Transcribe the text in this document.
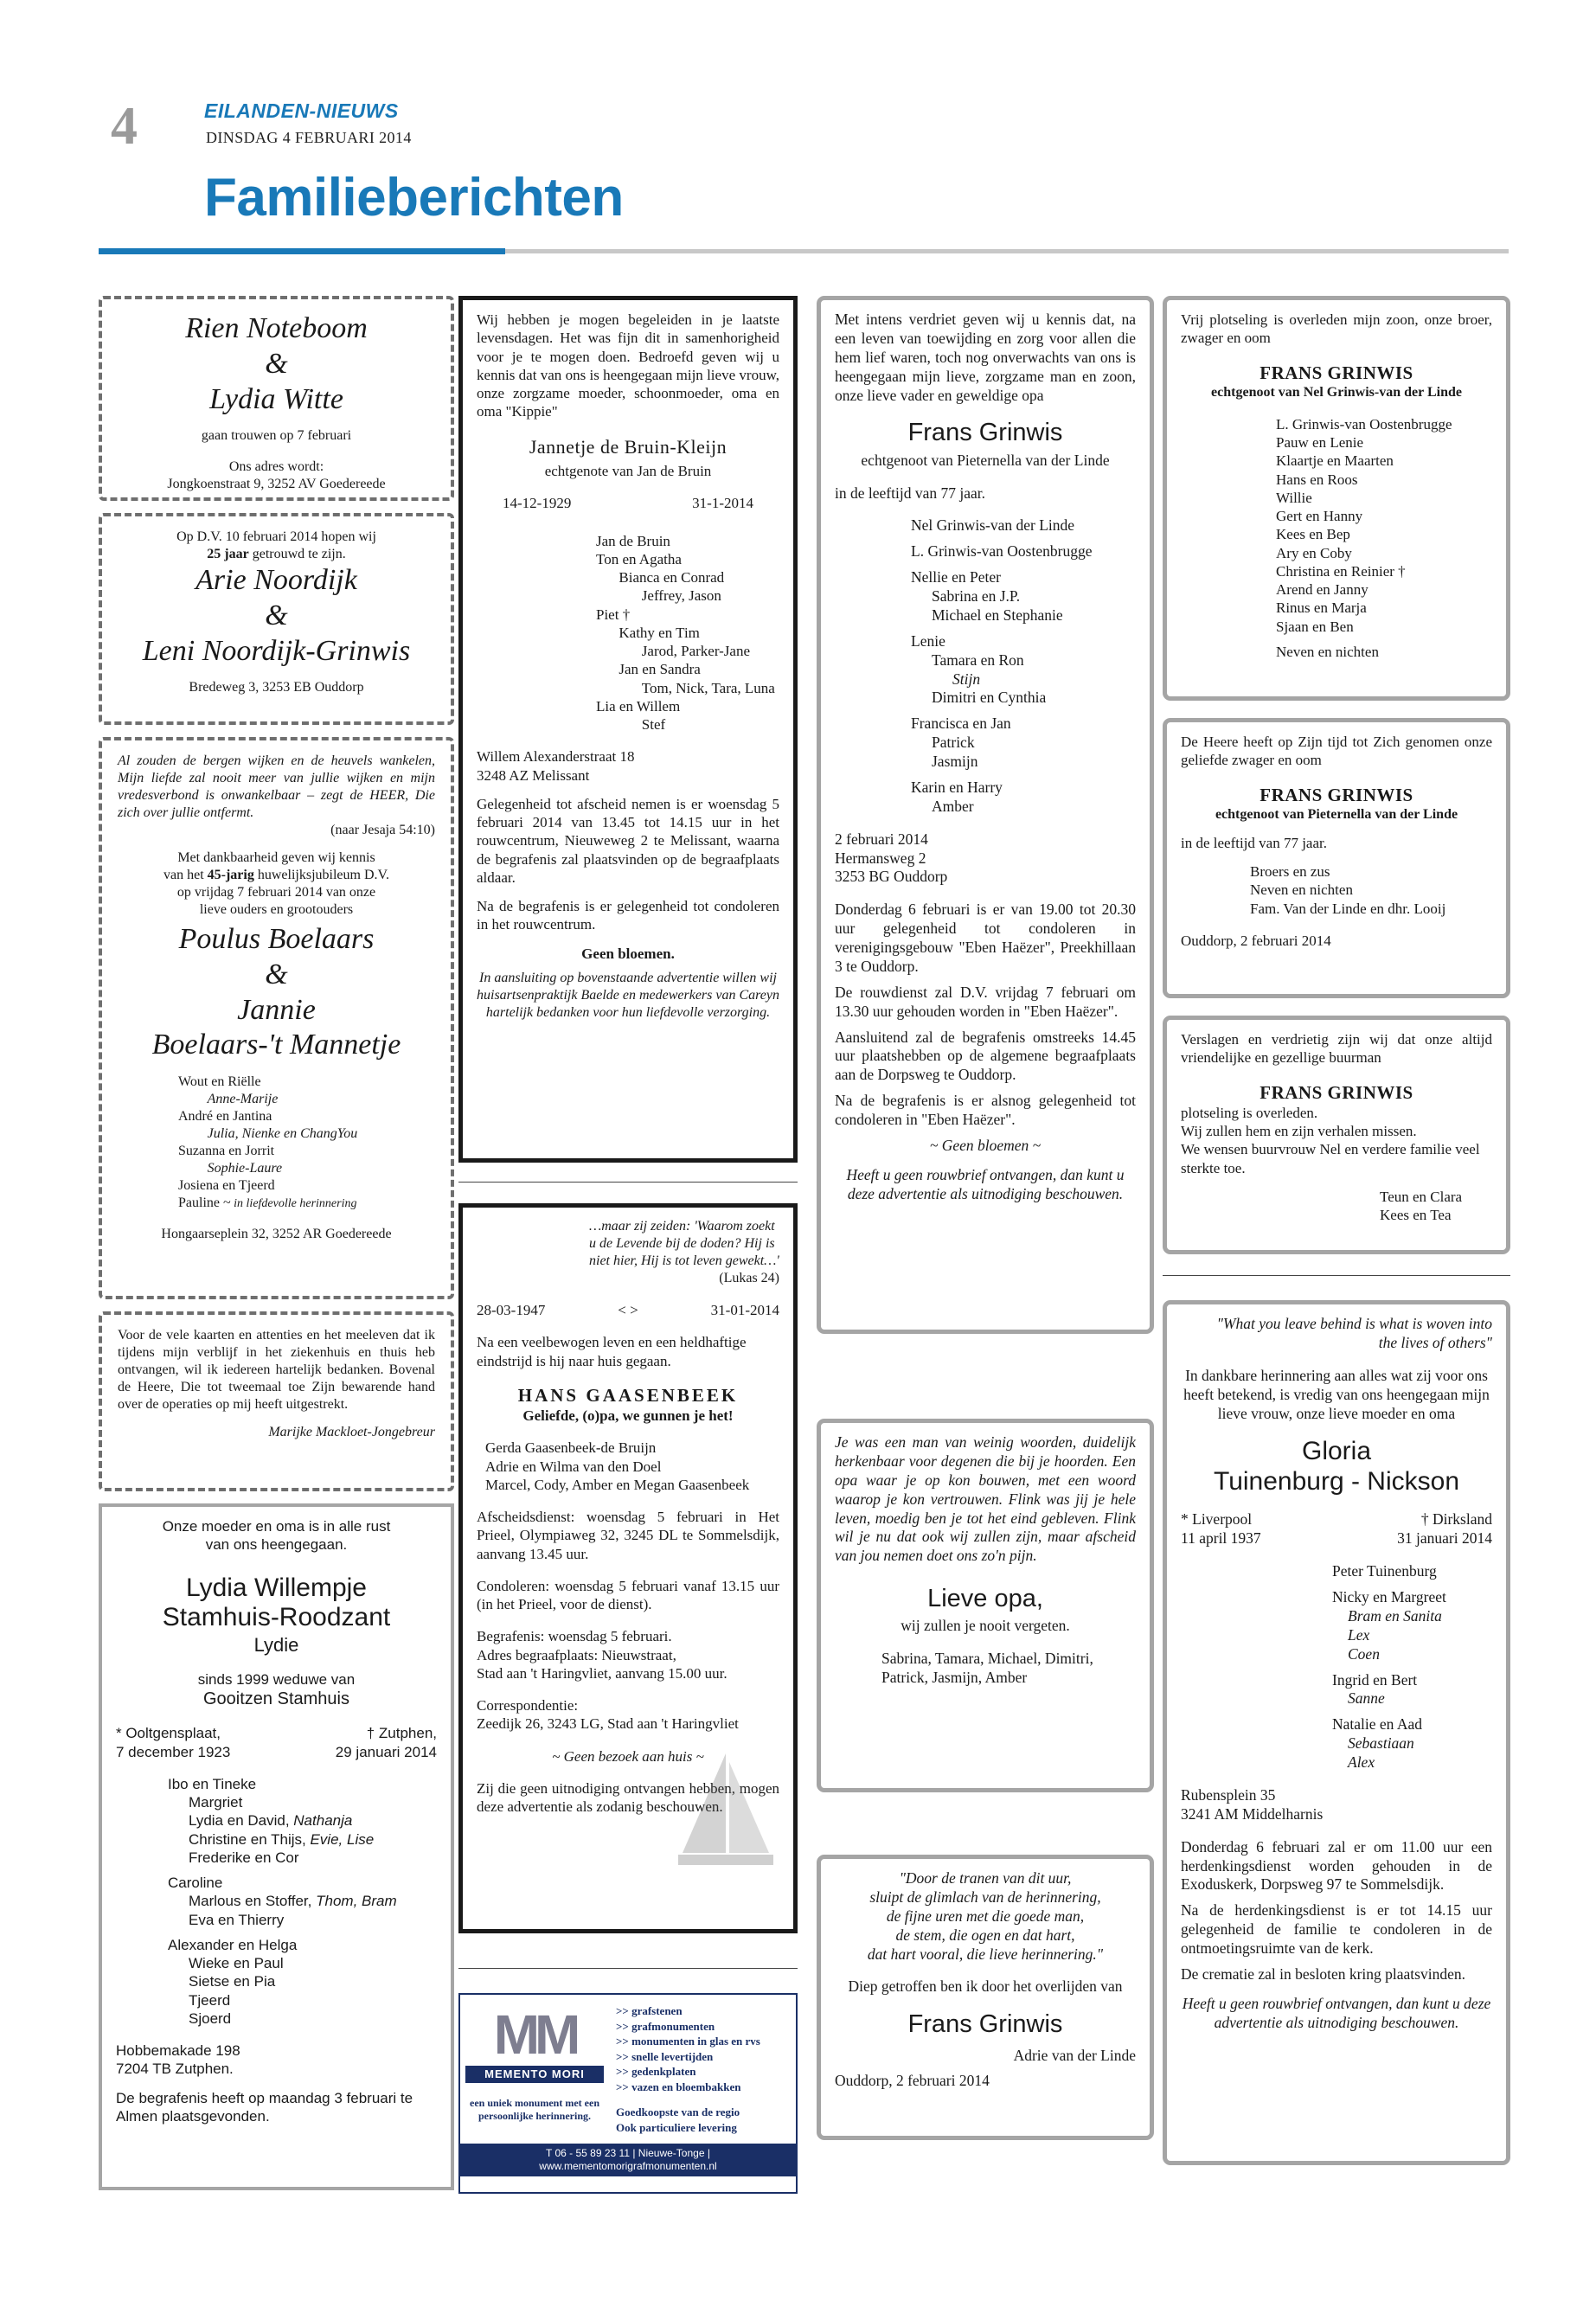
4	EILANDEN-NIEUWS
DINSDAG 4 FEBRUARI 2014
Familieberichten
Rien Noteboom
&
Lydia Witte
gaan trouwen op 7 februari
Ons adres wordt:
Jongkoenstraat 9, 3252 AV Goedereede
Op D.V. 10 februari 2014 hopen wij
25 jaar getrouwd te zijn.
Arie Noordijk
&
Leni Noordijk-Grinwis
Bredeweg 3, 3253 EB Ouddorp
Al zouden de bergen wijken en de heuvels wankelen, Mijn liefde zal nooit meer van jullie wijken en mijn vredesverbond is onwankelbaar – zegt de HEER, Die zich over jullie ontfermt.
(naar Jesaja 54:10)
Met dankbaarheid geven wij kennis
van het 45-jarig huwelijksjubileum D.V.
op vrijdag 7 februari 2014 van onze
lieve ouders en grootouders
Poulus Boelaars
&
Jannie
Boelaars-'t Mannetje
Wout en Riëlle
Anne-Marije
André en Jantina
Julia, Nienke en ChangYou
Suzanna en Jorrit
Sophie-Laure
Josiena en Tjeerd
Pauline ~ in liefdevolle herinnering
Hongaarseplein 32, 3252 AR Goedereede
Voor de vele kaarten en attenties en het meeleven dat ik tijdens mijn verblijf in het ziekenhuis en thuis heb ontvangen, wil ik iedereen hartelijk bedanken. Bovenal de Heere, Die tot tweemaal toe Zijn bewarende hand over de operaties op mij heeft uitgestrekt.
Marijke Mackloet-Jongebreur
Onze moeder en oma is in alle rust
van ons heengegaan.
Lydia Willempje
Stamhuis-Roodzant
Lydie
sinds 1999 weduwe van
Gooitzen Stamhuis
* Ooltgensplaat,	† Zutphen,
7 december 1923	29 januari 2014
Ibo en Tineke
Margriet
Lydia en David, Nathanja
Christine en Thijs, Evie, Lise
Frederike en Cor

Caroline
Marlous en Stoffer, Thom, Bram
Eva en Thierry

Alexander en Helga
Wieke en Paul
Sietse en Pia
Tjeerd
Sjoerd
Hobbemakade 198
7204 TB Zutphen.
De begrafenis heeft op maandag 3 februari te Almen plaatsgevonden.
Wij hebben je mogen begeleiden in je laatste levensdagen. Het was fijn dit in samenhorigheid voor je te mogen doen. Bedroefd geven wij u kennis dat van ons is heengegaan mijn lieve vrouw, onze zorgzame moeder, schoonmoeder, oma en oma "Kippie"
Jannetje de Bruin-Kleijn
echtgenote van Jan de Bruin
14-12-1929	31-1-2014
Jan de Bruin
Ton en Agatha
Bianca en Conrad
Jeffrey, Jason
Piet †
Kathy en Tim
Jarod, Parker-Jane
Jan en Sandra
Tom, Nick, Tara, Luna
Lia en Willem
Stef
Willem Alexanderstraat 18
3248 AZ Melissant
Gelegenheid tot afscheid nemen is er woensdag 5 februari 2014 van 13.45 tot 14.15 uur in het rouwcentrum, Nieuweweg 2 te Melissant, waarna de begrafenis zal plaatsvinden op de begraafplaats aldaar.
Na de begrafenis is er gelegenheid tot condoleren in het rouwcentrum.
Geen bloemen.
In aansluiting op bovenstaande advertentie willen wij huisartsenpraktijk Baelde en medewerkers van Careyn hartelijk bedanken voor hun liefdevolle verzorging.
…maar zij zeiden: 'Waarom zoekt u de Levende bij de doden? Hij is niet hier, Hij is tot leven gewekt…'
(Lukas 24)
28-03-1947	< >	31-01-2014
Na een veelbewogen leven en een heldhaftige eindstrijd is hij naar huis gegaan.
HANS GAASENBEEK
Geliefde, (o)pa, we gunnen je het!
Gerda Gaasenbeek-de Bruijn
Adrie en Wilma van den Doel
Marcel, Cody, Amber en Megan Gaasenbeek
Afscheidsdienst: woensdag 5 februari in Het Prieel, Olympiaweg 32, 3245 DL te Sommelsdijk, aanvang 13.45 uur.
Condoleren: woensdag 5 februari vanaf 13.15 uur (in het Prieel, voor de dienst).
Begrafenis: woensdag 5 februari.
Adres begraafplaats: Nieuwstraat,
Stad aan 't Haringvliet, aanvang 15.00 uur.
Correspondentie:
Zeedijk 26, 3243 LG, Stad aan 't Haringvliet
~ Geen bezoek aan huis ~
Zij die geen uitnodiging ontvangen hebben, mogen deze advertentie als zodanig beschouwen.
MM
MEMENTO MORI
een uniek monument met een
persoonlijke herinnering.
>> grafstenen
>> grafmonumenten
>> monumenten in glas en rvs
>> snelle levertijden
>> gedenkplaten
>> vazen en bloembakken
Goedkoopste van de regio
Ook particuliere levering
T 06 - 55 89 23 11 | Nieuwe-Tonge | www.mementomorigrafmonumenten.nl
Met intens verdriet geven wij u kennis dat, na een leven van toewijding en zorg voor allen die hem lief waren, toch nog onverwachts van ons is heengegaan mijn lieve, zorgzame man en zoon, onze lieve vader en geweldige opa
Frans Grinwis
echtgenoot van Pieternella van der Linde
in de leeftijd van 77 jaar.
Nel Grinwis-van der Linde
L. Grinwis-van Oostenbrugge
Nellie en Peter
Sabrina en J.P.
Michael en Stephanie
Lenie
Tamara en Ron
Stijn
Dimitri en Cynthia
Francisca en Jan
Patrick
Jasmijn
Karin en Harry
Amber
2 februari 2014
Hermansweg 2
3253 BG Ouddorp
Donderdag 6 februari is er van 19.00 tot 20.30 uur gelegenheid tot condoleren in verenigingsgebouw "Eben Haëzer", Preekhillaan 3 te Ouddorp.
De rouwdienst zal D.V. vrijdag 7 februari om 13.30 uur gehouden worden in "Eben Haëzer".
Aansluitend zal de begrafenis omstreeks 14.45 uur plaatshebben op de algemene begraafplaats aan de Dorpsweg te Ouddorp.
Na de begrafenis is er alsnog gelegenheid tot condoleren in "Eben Haëzer".
~ Geen bloemen ~
Heeft u geen rouwbrief ontvangen, dan kunt u deze advertentie als uitnodiging beschouwen.
Je was een man van weinig woorden, duidelijk herkenbaar voor degenen die bij je hoorden. Een opa waar je op kon bouwen, met een woord waarop je kon vertrouwen. Flink was jij je hele leven, moedig ben je tot het eind gebleven. Flink wil je nu dat ook wij zullen zijn, maar afscheid van jou nemen doet ons zo'n pijn.
Lieve opa,
wij zullen je nooit vergeten.
Sabrina, Tamara, Michael, Dimitri,
Patrick, Jasmijn, Amber
"Door de tranen van dit uur,
sluipt de glimlach van de herinnering,
de fijne uren met die goede man,
de stem, die ogen en dat hart,
dat hart vooral, die lieve herinnering."
Diep getroffen ben ik door het overlijden van
Frans Grinwis
Adrie van der Linde
Ouddorp, 2 februari 2014
Vrij plotseling is overleden mijn zoon, onze broer, zwager en oom
FRANS GRINWIS
echtgenoot van Nel Grinwis-van der Linde
L. Grinwis-van Oostenbrugge
Pauw en Lenie
Klaartje en Maarten
Hans en Roos
Willie
Gert en Hanny
Kees en Bep
Ary en Coby
Christina en Reinier †
Arend en Janny
Rinus en Marja
Sjaan en Ben
Neven en nichten
De Heere heeft op Zijn tijd tot Zich genomen onze geliefde zwager en oom
FRANS GRINWIS
echtgenoot van Pieternella van der Linde
in de leeftijd van 77 jaar.
Broers en zus
Neven en nichten
Fam. Van der Linde en dhr. Looij
Ouddorp, 2 februari 2014
Verslagen en verdrietig zijn wij dat onze altijd vriendelijke en gezellige buurman
FRANS GRINWIS
plotseling is overleden.
Wij zullen hem en zijn verhalen missen.
We wensen buurvrouw Nel en verdere familie veel sterkte toe.
Teun en Clara
Kees en Tea
"What you leave behind is what is woven into
the lives of others"
In dankbare herinnering aan alles wat zij voor ons heeft betekend, is vredig van ons heengegaan mijn lieve vrouw, onze lieve moeder en oma
Gloria
Tuinenburg - Nickson
* Liverpool	† Dirksland
11 april 1937	31 januari 2014
Peter Tuinenburg
Nicky en Margreet
Bram en Sanita
Lex
Coen
Ingrid en Bert
Sanne
Natalie en Aad
Sebastiaan
Alex
Rubensplein 35
3241 AM Middelharnis
Donderdag 6 februari zal er om 11.00 uur een herdenkingsdienst worden gehouden in de Exoduskerk, Dorpsweg 97 te Sommelsdijk.
Na de herdenkingsdienst is er tot 14.15 uur gelegenheid de familie te condoleren in de ontmoetingsruimte van de kerk.
De crematie zal in besloten kring plaatsvinden.
Heeft u geen rouwbrief ontvangen, dan kunt u deze advertentie als uitnodiging beschouwen.
